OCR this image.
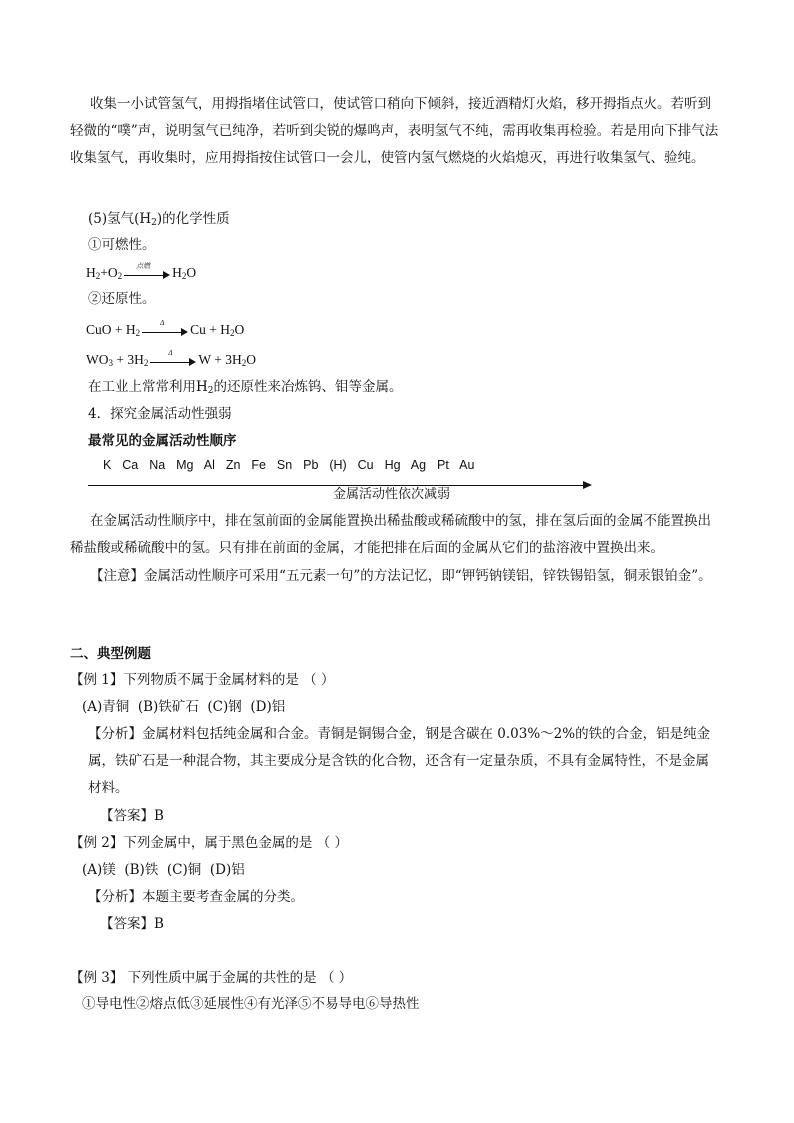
收集一小试管氢气，用拇指堵住试管口，使试管口稍向下倾斜，接近酒精灯火焰，移开拇指点火。若听到轻微的“噗”声，说明氢气已纯净，若听到尖锐的爆鸣声，表明氢气不纯，需再收集再检验。若是用向下排气法收集氢气，再收集时，应用拇指按住试管口一会儿，使管内氢气燃烧的火焰熄灭，再进行收集氢气、验纯。
(5)氢气$(H_2)$的化学性质
①可燃性。
$H_2+O_2$
点燃 $H_2O$
②还原性。
CuO + $H_2$
Δ $Cu + H_2O$
$WO_3 + 3H_2$
Δ $W + 3H_2O$
在工业上常常利用$H_2$的还原性来冶炼钨、钼等金属。
4．探究金属活动性强弱
最常见的金属活动性顺序
K  Ca  Na  Mg  Al  Zn  Fe  Sn  Pb  (H)  Cu  Hg  Ag  Pt  Au
金属活动性依次减弱
在金属活动性顺序中，排在氢前面的金属能置换出稀盐酸或稀硫酸中的氢，排在氢后面的金属不能置换出稀盐酸或稀硫酸中的氢。只有排在前面的金属，才能把排在后面的金属从它们的盐溶液中置换出来。
【注意】金属活动性顺序可采用“五元素一句”的方法记忆，即“钾钙钠镁铝，锌铁锡铅氢，铜汞银铂金”。
二、典型例题
【例 1】下列物质不属于金属材料的是 （ ）
(A)青铜  (B)铁矿石  (C)钢  (D)铝
【分析】金属材料包括纯金属和合金。青铜是铜锡合金，钢是含碳在 0.03%～2%的铁的合金，铝是纯金属，铁矿石是一种混合物，其主要成分是含铁的化合物，还含有一定量杂质，不具有金属特性，不是金属材料。
【答案】B
【例 2】下列金属中，属于黑色金属的是 （ ）
(A)镁  (B)铁  (C)铜  (D)铝
【分析】本题主要考查金属的分类。
【答案】B
【例 3】 下列性质中属于金属的共性的是 （ ）
①导电性②熔点低③延展性④有光泽⑤不易导电⑥导热性
